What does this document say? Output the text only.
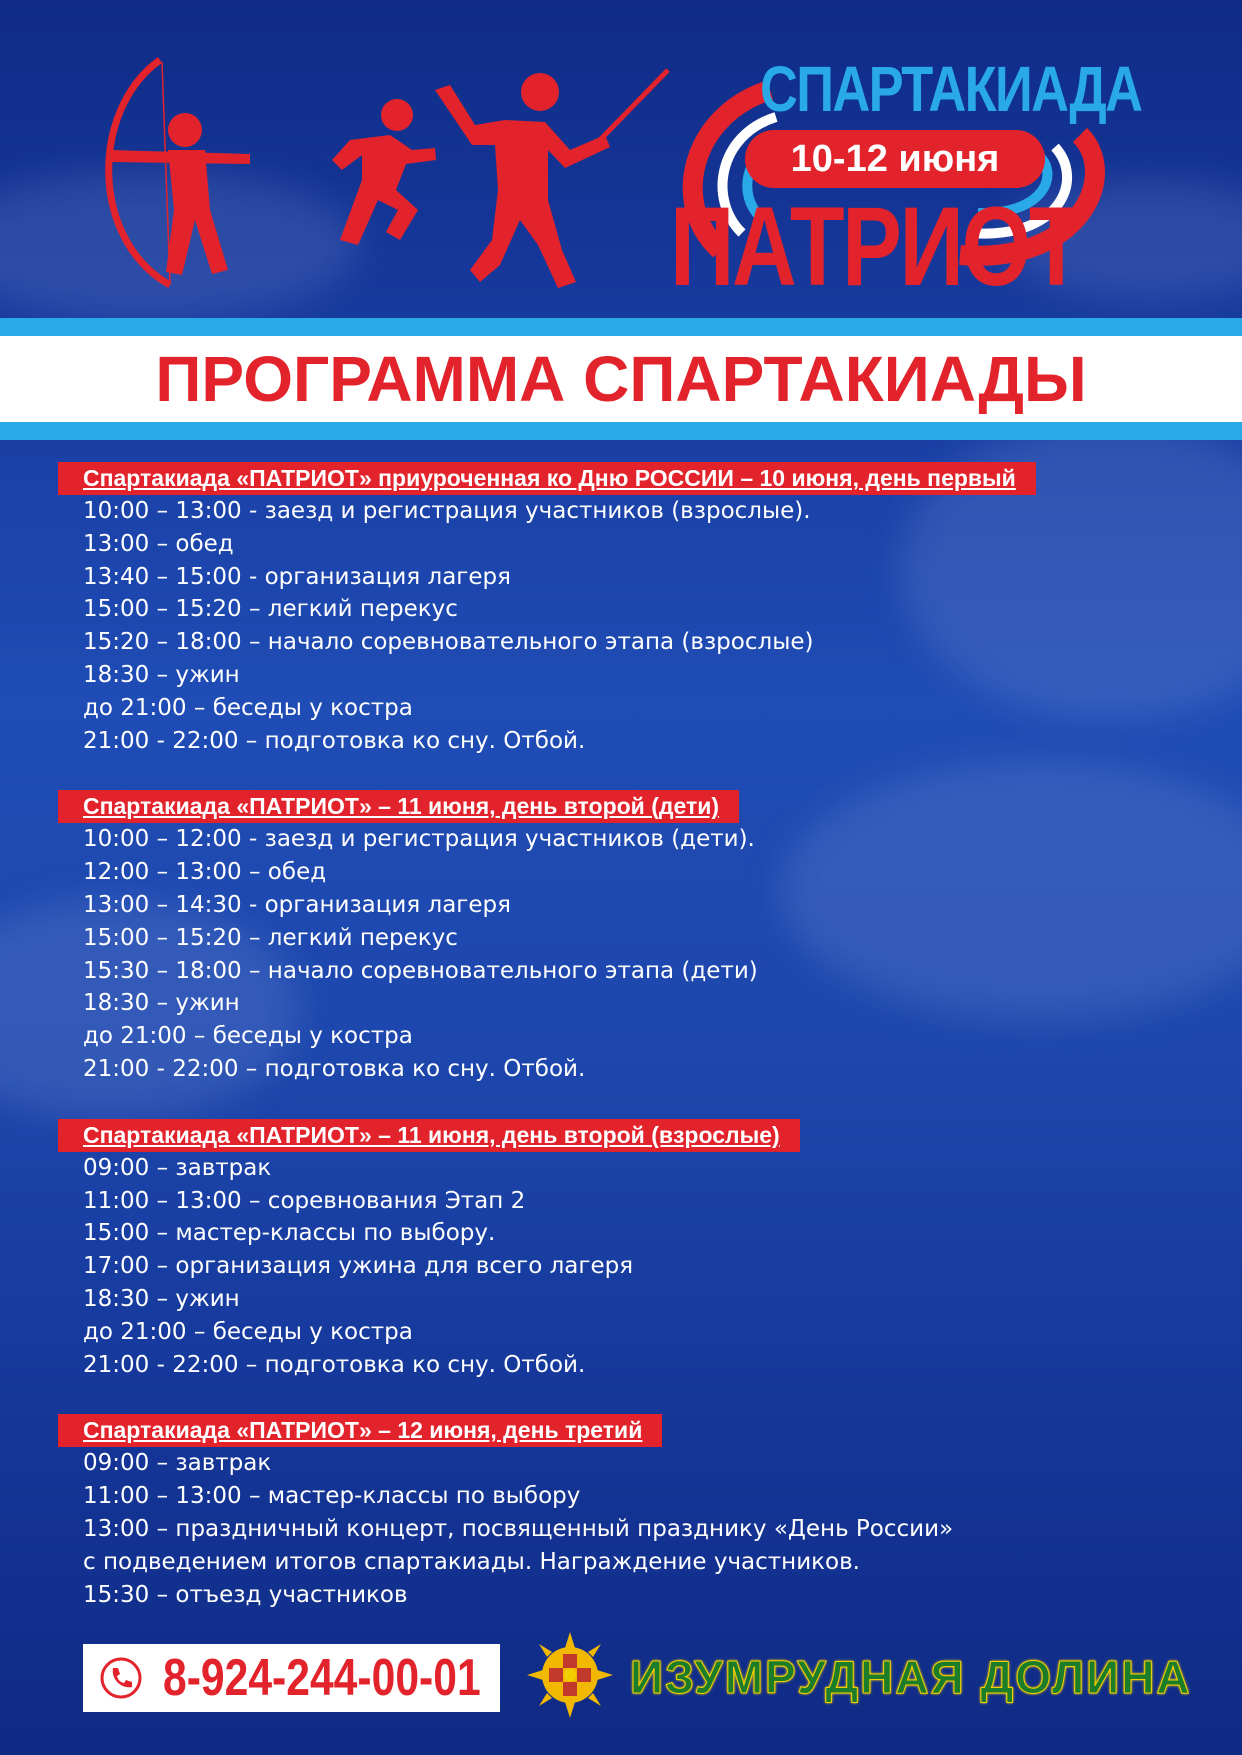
СПАРТАКИАДА
10-12 июня
ПАТРИОТ
ПРОГРАММА СПАРТАКИАДЫ
Спартакиада «ПАТРИОТ» приуроченная ко Дню РОССИИ – 10 июня, день первый
10:00 – 13:00 - заезд и регистрация участников (взрослые).
13:00 – обед
13:40 – 15:00 - организация лагеря
15:00 – 15:20 – легкий перекус
15:20 – 18:00 – начало соревновательного этапа (взрослые)
18:30 – ужин
до 21:00 – беседы у костра
21:00 - 22:00 – подготовка ко сну. Отбой.
Спартакиада «ПАТРИОТ» – 11 июня, день второй (дети)
10:00 – 12:00 - заезд и регистрация участников (дети).
12:00 – 13:00 – обед
13:00 – 14:30 - организация лагеря
15:00 – 15:20 – легкий перекус
15:30 – 18:00 – начало соревновательного этапа (дети)
18:30 – ужин
до 21:00 – беседы у костра
21:00 - 22:00 – подготовка ко сну. Отбой.
Спартакиада «ПАТРИОТ» – 11 июня, день второй (взрослые)
09:00 – завтрак
11:00 – 13:00 – соревнования Этап 2
15:00 – мастер-классы по выбору.
17:00 – организация ужина для всего лагеря
18:30 – ужин
до 21:00 – беседы у костра
21:00 - 22:00 – подготовка ко сну. Отбой.
Спартакиада «ПАТРИОТ» – 12 июня, день третий
09:00 – завтрак
11:00 – 13:00 – мастер-классы по выбору
13:00 – праздничный концерт, посвященный празднику «День России»
с подведением итогов спартакиады. Награждение участников.
15:30 – отъезд участников
8-924-244-00-01	ИЗУМРУДНАЯ ДОЛИНА
